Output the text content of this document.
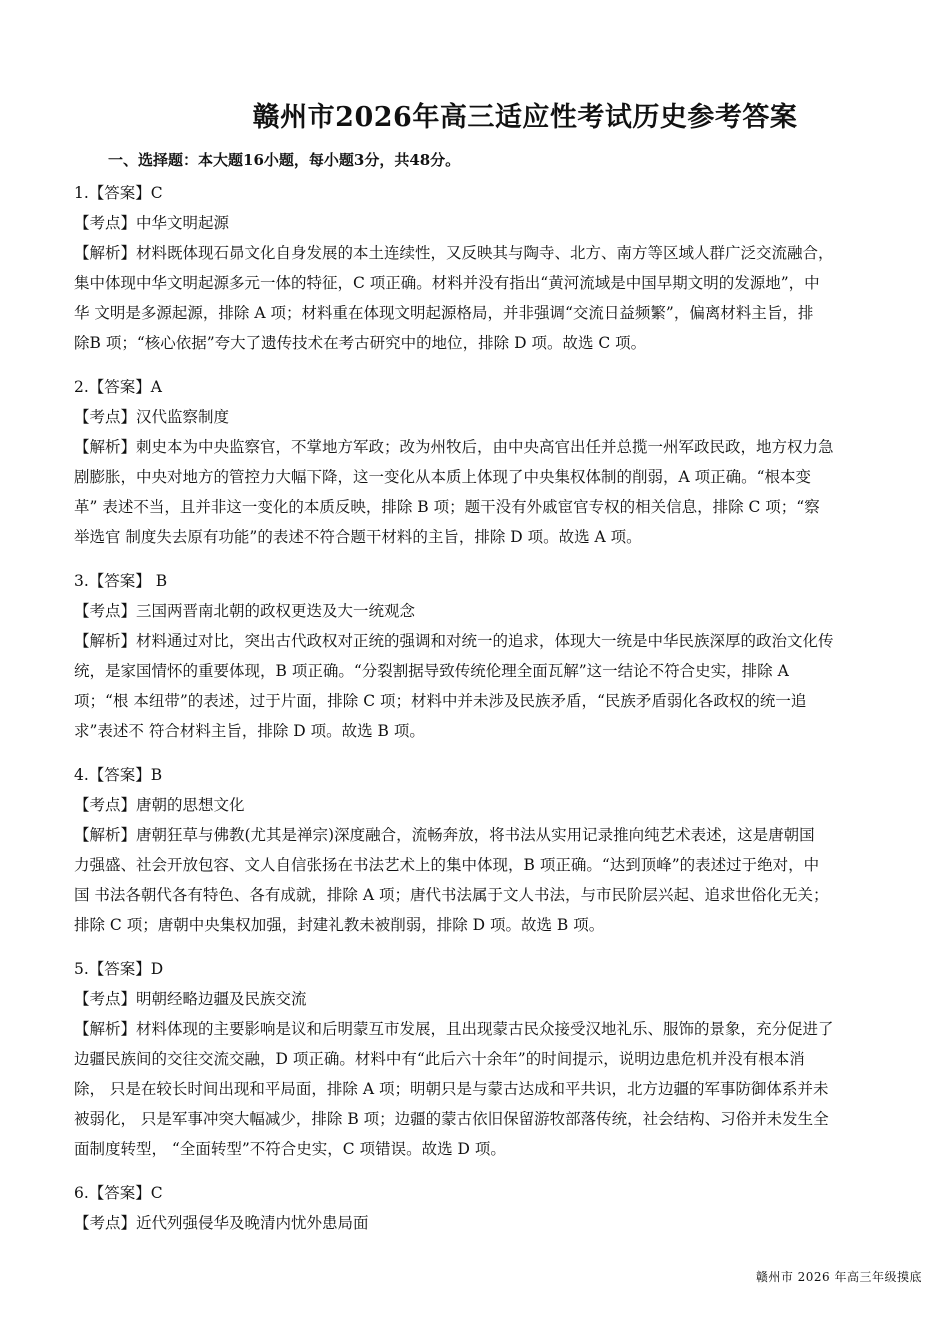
赣州市2026年高三适应性考试历史参考答案
一、选择题：本大题16小题，每小题3分，共48分。
1.【答案】C
【考点】中华文明起源
【解析】材料既体现石昴文化自身发展的本土连续性，又反映其与陶寺、北方、南方等区域人群广泛交流融合，
集中体现中华文明起源多元一体的特征，C 项正确。材料并没有指出“黄河流域是中国早期文明的发源地”，中
华 文明是多源起源，排除 A 项；材料重在体现文明起源格局，并非强调“交流日益频繁”，偏离材料主旨，排
除B 项；“核心依据”夸大了遗传技术在考古研究中的地位，排除 D 项。故选 C 项。
2.【答案】A
【考点】汉代监察制度
【解析】刺史本为中央监察官，不掌地方军政；改为州牧后，由中央高官出任并总揽一州军政民政，地方权力急
剧膨胀，中央对地方的管控力大幅下降，这一变化从本质上体现了中央集权体制的削弱，A 项正确。“根本变
革” 表述不当，且并非这一变化的本质反映，排除 B 项；题干没有外戚宦官专权的相关信息，排除 C 项；“察
举选官 制度失去原有功能”的表述不符合题干材料的主旨，排除 D 项。故选 A 项。
3.【答案】 B
【考点】三国两晋南北朝的政权更迭及大一统观念
【解析】材料通过对比，突出古代政权对正统的强调和对统一的追求，体现大一统是中华民族深厚的政治文化传
统，是家国情怀的重要体现，B 项正确。“分裂割据导致传统伦理全面瓦解”这一结论不符合史实，排除 A
项；“根 本纽带”的表述，过于片面，排除 C 项；材料中并未涉及民族矛盾，“民族矛盾弱化各政权的统一追
求”表述不 符合材料主旨，排除 D 项。故选 B 项。
4.【答案】B
【考点】唐朝的思想文化
【解析】唐朝狂草与佛教(尤其是禅宗)深度融合，流畅奔放，将书法从实用记录推向纯艺术表述，这是唐朝国
力强盛、社会开放包容、文人自信张扬在书法艺术上的集中体现，B 项正确。“达到顶峰”的表述过于绝对，中
国 书法各朝代各有特色、各有成就，排除 A 项；唐代书法属于文人书法，与市民阶层兴起、追求世俗化无关；
排除 C 项；唐朝中央集权加强，封建礼教未被削弱，排除 D 项。故选 B 项。
5.【答案】D
【考点】明朝经略边疆及民族交流
【解析】材料体现的主要影响是议和后明蒙互市发展，且出现蒙古民众接受汉地礼乐、服饰的景象，充分促进了
边疆民族间的交往交流交融，D 项正确。材料中有“此后六十余年”的时间提示，说明边患危机并没有根本消
除， 只是在较长时间出现和平局面，排除 A 项；明朝只是与蒙古达成和平共识，北方边疆的军事防御体系并未
被弱化， 只是军事冲突大幅减少，排除 B 项；边疆的蒙古依旧保留游牧部落传统，社会结构、习俗并未发生全
面制度转型， “全面转型”不符合史实，C 项错误。故选 D 项。
6.【答案】C
【考点】近代列强侵华及晚清内忧外患局面
赣州市 2026 年高三年级摸底
